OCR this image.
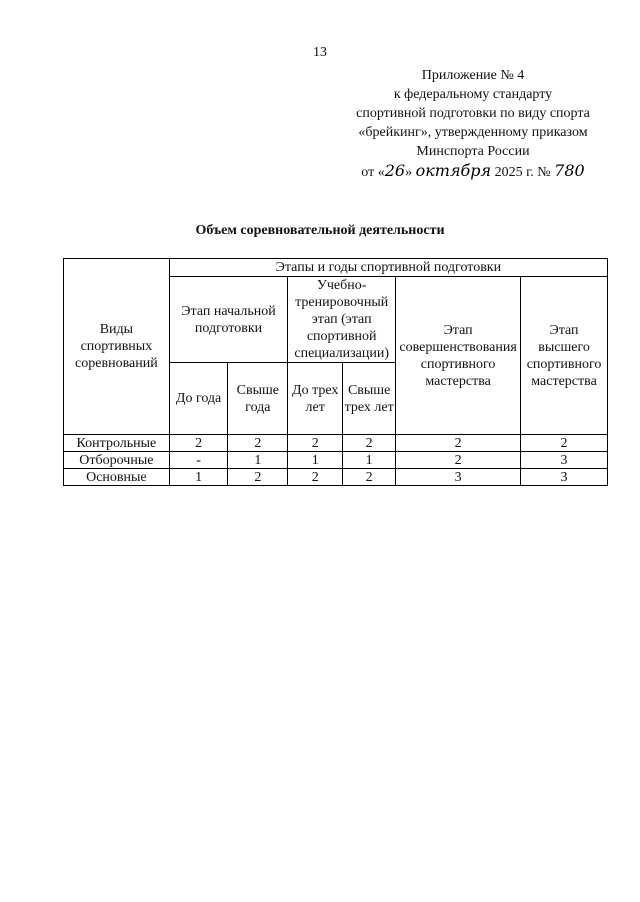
13
Приложение № 4
к федеральному стандарту
спортивной подготовки по виду спорта
«брейкинг», утвержденному приказом
Минспорта России
от «26» октября 2025 г. № 780
Объем соревновательной деятельности
Виды спортивных соревнований	Этапы и годы спортивной подготовки					
	Этап начальной подготовки		Учебно-тренировочный этап (этап спортивной специализации)		Этап совершенствования спортивного мастерства	Этап высшего спортивного мастерства
	До года	Свыше года	До трех лет	Свыше трех лет		
Контрольные	2	2	2	2	2	2
Отборочные	-	1	1	1	2	3
Основные	1	2	2	2	3	3
